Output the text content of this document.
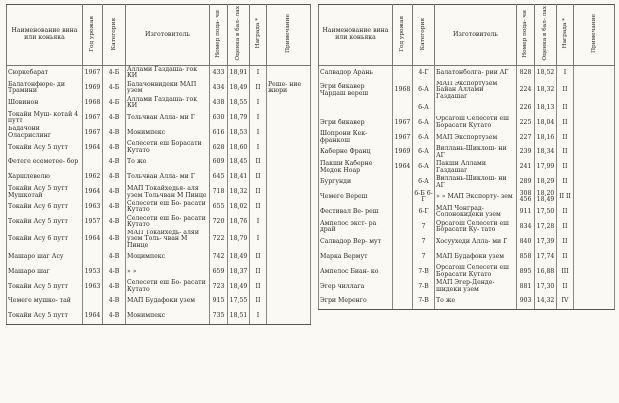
Наименование вина или коньяка	Год урожая	Категория	Изготовитель	Номер пода- чи	Оценка в бал- лах	Награда *	Примечание
Сюркебарат	1967	4-Б	Аллами Газдаша- гок КИ	433	18,91	I	
Балатонфюре- ди Трамини	1969	4-Б	Балачонвидеки МАП узем	434	18,49	II	Реше- ние жюри
Шовинон	1968	4-Б	Аллами Газдаша- гок КИ	438	18,55	I	
Токайи Муш- котай 4 путт	1967	4-В	Тольчван Алла- ми Г	630	18,79	I	
Бадачони Оласрислинг	1967	4-В	Монимпекс	616	18,53	I	
Токайи Асу 5 путт	1964	4-В	Селесети еш Борасати Кутато	628	18,60	I	
Фетеге есеметее- бор		4-В	То же	609	18,45	II	
Харшлевелю	1962	4-В	Тольчван Алла- ми Г	645	18,41	II	
Токайи Асу 5 путт Мушкотай	1964	4-В	МАП Токайхедья- аля узем Тольчван М Пинце	718	18,32	II	
Токайи Асу 6 путт	1963	4-В	Селесети еш Бо- расати Кутато	655	18,02	II	
Токайи Асу 5 путт	1957	4-В	Селесети еш Бо- расати Кутато	720	18,76	I	
Токайи Асу 6 путт	1964	4-В	МАП Токайхедь- аляй узем Толь- чван М Пинце	722	18,79	I	
Машаро шаг Асу		4-В	Моцимпекс	742	18,49	II	
Машаро шаг	1953	4-В	» »	659	18,37	II	
Токайи Асу 5 путт	1963	4-В	Селесети еш Бо- расати Кутато	723	18,49	II	
Чемеге мушко- тай		4-В	МАП Будафоки узем	915	17,55	II	
Токайи Асу 5 путт	1964	4-В	Монимпекс	735	18,51	I	
Наименование вина или коньяка	Год урожая	Категория	Изготовитель	Номер пода- чи	Оценка в бал- лах	Награда *	Примечание
Салвадор Арань		4-Г	Балатонболга- рии АГ	828	18,52	I	
Эгри бикавер Чардаш вереш	1968	6-А	МАП Экспортузем Байан Аллами Газдашаг	224	18,32	II	
		6-А		226	18,13	II	
Эгри бикавер	1967	6-А	Орсагош Селесети еш Борасати Кутато	225	18,04	II	
Шопрони Кек- франкош	1967	6-А	МАП Экспортузем	227	18,16	II	
Каберне Франц	1969	6-А	Виллань-Шиклош- ни АГ	239	18,34	II	
Пакши Каберне Медок Ноар	1964	6-А	Пакши Аллами Газдашаг	241	17,99	II	
Бургунди		6-А	Виллань-Шиклош- ни АГ	289	18,29	II	
Чемеге Вереш		6-Б 6-Г	» » МАП Экспорту- зем	308 456	18,20 18,49	II II	
Фестивал Ве- реш		6-Г	МАП Чонград- Солонокидеки узем	911	17,50	II	
Ампелос экст- ра драй		7	Орсагош Селесети еш Борасати Ку- тато	834	17,28	II	
Салвадор Вер- мут		7	Хосуухеди Алла- ми Г	840	17,39	II	
Марка Вермут		7	МАП Будафоки узем	858	17,74	II	
Ампелос Биан- ко		7-В	Орсагош Селесети еш Борасати Кутато	895	16,88	III	
Эгер чиллага		7-В	МАП Эгер-Денде- шидеки узем	881	17,30	II	
Эгри Меренго		7-В	То же	903	14,32	IV	
